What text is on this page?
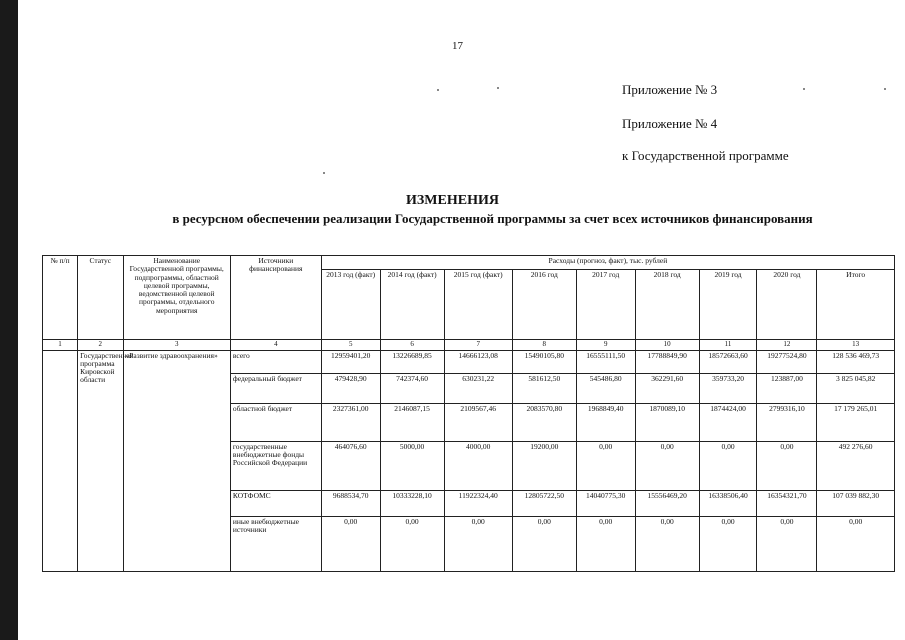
17
Приложение № 3
Приложение № 4
к Государственной программе
ИЗМЕНЕНИЯ
в ресурсном обеспечении реализации Государственной программы за счет всех источников финансирования
№ п/п	Статус	Наименование Государственной программы, подпрограммы, областной целевой программы, ведомственной целевой программы, отдельного мероприятия	Источники финансирования	Расходы (прогноз, факт), тыс. рублей								
				2013 год (факт)	2014 год (факт)	2015 год (факт)	2016 год	2017 год	2018 год	2019 год	2020 год	Итого
1	2	3	4	5	6	7	8	9	10	11	12	13
	Государственная программа Кировской области	«Развитие здравоохранения»	всего	12959401,20	13226689,85	14666123,08	15490105,80	16555111,50	17788849,90	18572663,60	19277524,80	128 536 469,73
			федеральный бюджет	479428,90	742374,60	630231,22	581612,50	545486,80	362291,60	359733,20	123887,00	3 825 045,82
			областной бюджет	2327361,00	2146087,15	2109567,46	2083570,80	1968849,40	1870089,10	1874424,00	2799316,10	17 179 265,01
			государственные внебюджетные фонды Российской Федерации	464076,60	5000,00	4000,00	19200,00	0,00	0,00	0,00	0,00	492 276,60
			КОТФОМС	9688534,70	10333228,10	11922324,40	12805722,50	14040775,30	15556469,20	16338506,40	16354321,70	107 039 882,30
			иные внебюджетные источники	0,00	0,00	0,00	0,00	0,00	0,00	0,00	0,00	0,00
